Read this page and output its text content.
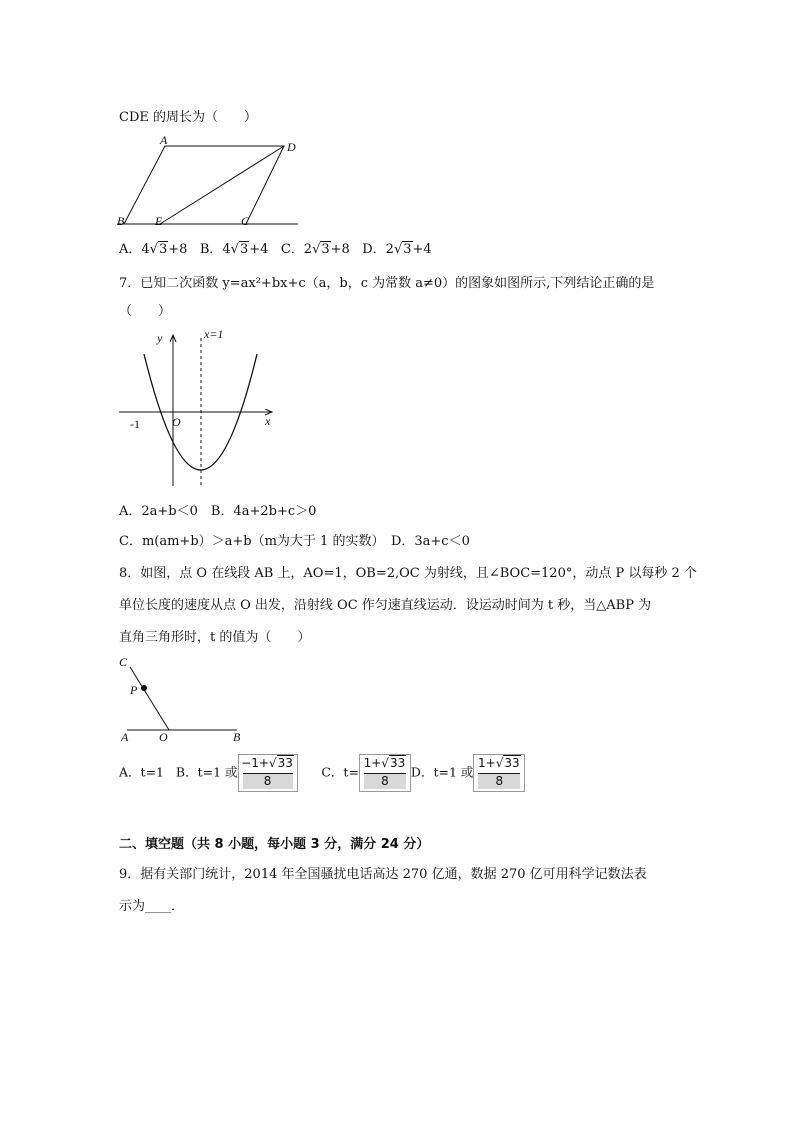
CDE 的周长为（　　）
A	D
B	E	C
A．4√3+8 B．4√3+4 C．2√3+8 D．2√3+4
7．已知二次函数 y=ax²+bx+c（a，b，c 为常数 a≠0）的图象如图所示,下列结论正确的是
（　　）
y	x=1
x
O
-1
A．2a+b＜0　B．4a+2b+c＞0
C．m(am+b）＞a+b（m为大于 1 的实数）　D．3a+c＜0
8．如图，点 O 在线段 AB 上，AO=1，OB=2,OC 为射线，且∠BOC=120°，动点 P 以每秒 2 个
单位长度的速度从点 O 出发，沿射线 OC 作匀速直线运动．设运动时间为 t 秒，当△ABP 为
直角三角形时，t 的值为（　　）
C
P
A	O	B
A．t=1 B．t=1 或 $\frac{-1+√33}{8}$ C．$t= \frac{1+√33}{8}$ D．t=1 或 $\frac{1+√33}{8}$
二、填空题（共 8 小题，每小题 3 分，满分 24 分）
9．据有关部门统计，2014 年全国骚扰电话高达 270 亿通，数据 270 亿可用科学记数法表
示为____．
